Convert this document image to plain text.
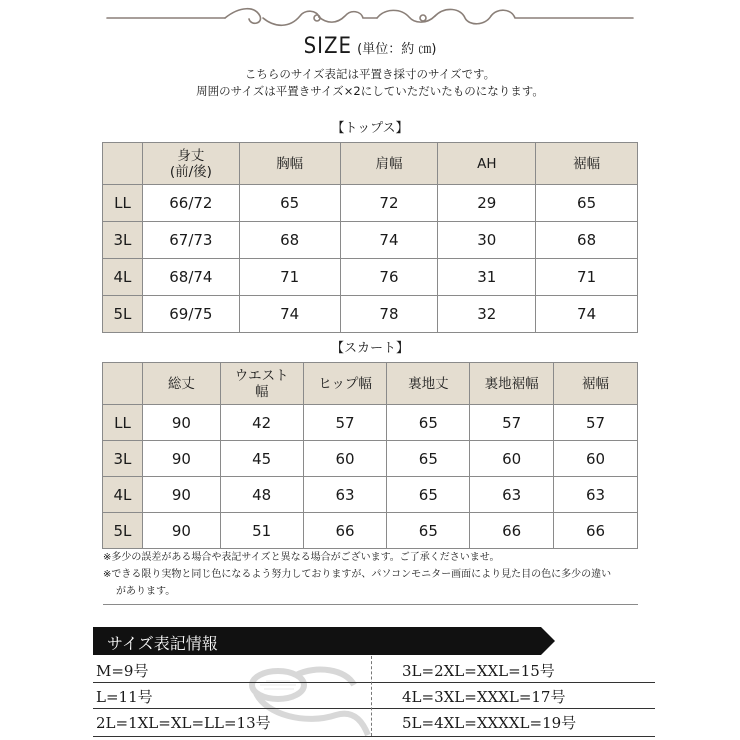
SIZE (単位：約 ㎝)
こちらのサイズ表記は平置き採寸のサイズです。
周囲のサイズは平置きサイズ×2にしていただいたものになります。
【トップス】

	身丈
(前/後)	胸幅	肩幅	AH	裾幅
LL	66/72	65	72	29	65
3L	67/73	68	74	30	68
4L	68/74	71	76	31	71
5L	69/75	74	78	32	74
【スカート】
	総丈	ウエスト
幅	ヒップ幅	裏地丈	裏地裾幅	裾幅
LL	90	42	57	65	57	57
3L	90	45	60	65	60	60
4L	90	48	63	65	63	63
5L	90	51	66	65	66	66
※多少の誤差がある場合や表記サイズと異なる場合がございます。ご了承くださいませ。
※できる限り実物と同じ色になるよう努力しておりますが、パソコンモニター画面により見た目の色に多少の違い
があります。
サイズ表記情報
M=9号
L=11号
2L=1XL=XL=LL=13号
3L=2XL=XXL=15号
4L=3XL=XXXL=17号
5L=4XL=XXXXL=19号
